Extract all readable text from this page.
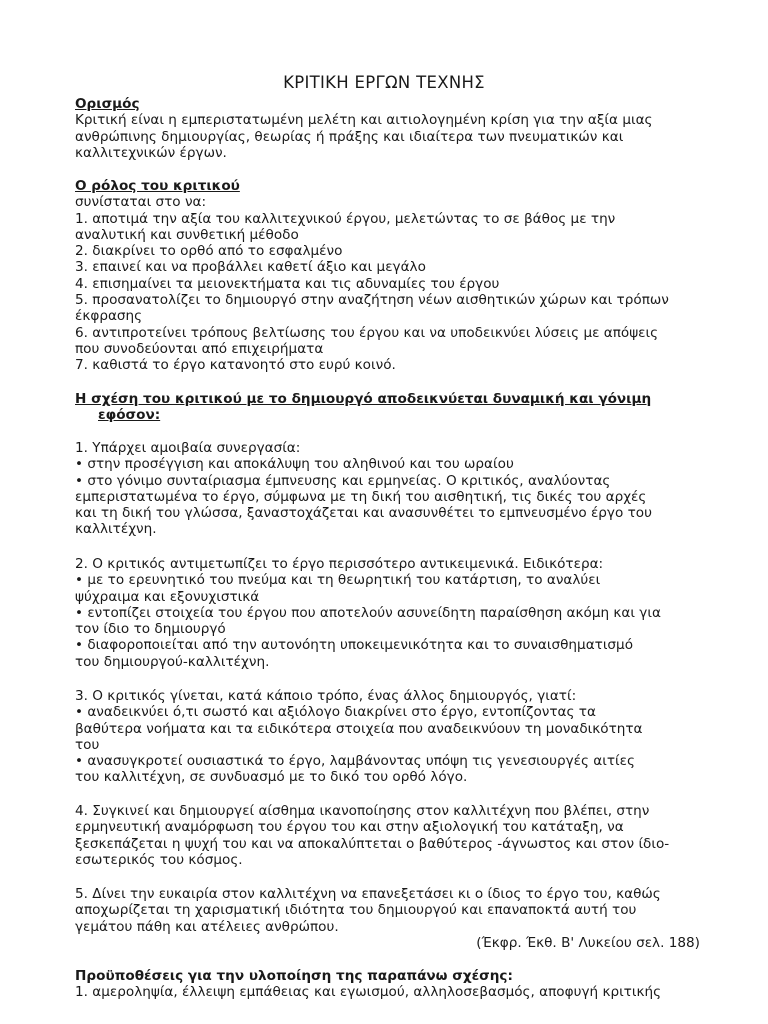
ΚΡΙΤΙΚΗ ΕΡΓΩΝ ΤΕΧΝΗΣ
Ορισμός
Κριτική είναι η εμπεριστατωμένη μελέτη και αιτιολογημένη κρίση για την αξία μιας
ανθρώπινης δημιουργίας, θεωρίας ή πράξης και ιδιαίτερα των πνευματικών και
καλλιτεχνικών έργων.
Ο ρόλος του κριτικού
συνίσταται στο να:
1. αποτιμά την αξία του καλλιτεχνικού έργου, μελετώντας το σε βάθος με την
αναλυτική και συνθετική μέθοδο
2. διακρίνει το ορθό από το εσφαλμένο
3. επαινεί και να προβάλλει καθετί άξιο και μεγάλο
4. επισημαίνει τα μειονεκτήματα και τις αδυναμίες του έργου
5. προσανατολίζει το δημιουργό στην αναζήτηση νέων αισθητικών χώρων και τρόπων
έκφρασης
6. αντιπροτείνει τρόπους βελτίωσης του έργου και να υποδεικνύει λύσεις με απόψεις
που συνοδεύονται από επιχειρήματα
7. καθιστά το έργο κατανοητό στο ευρύ κοινό.
Η σχέση του κριτικού με το δημιουργό αποδεικνύεται δυναμική και γόνιμη
εφόσον:
1. Υπάρχει αμοιβαία συνεργασία:
• στην προσέγγιση και αποκάλυψη του αληθινού και του ωραίου
• στο γόνιμο συνταίριασμα έμπνευσης και ερμηνείας. Ο κριτικός, αναλύοντας
εμπεριστατωμένα το έργο, σύμφωνα με τη δική του αισθητική, τις δικές του αρχές
και τη δική του γλώσσα, ξαναστοχάζεται και ανασυνθέτει το εμπνευσμένο έργο του
καλλιτέχνη.
2. Ο κριτικός αντιμετωπίζει το έργο περισσότερο αντικειμενικά. Ειδικότερα:
• με το ερευνητικό του πνεύμα και τη θεωρητική του κατάρτιση, το αναλύει
ψύχραιμα και εξονυχιστικά
• εντοπίζει στοιχεία του έργου που αποτελούν ασυνείδητη παραίσθηση ακόμη και για
τον ίδιο το δημιουργό
• διαφοροποιείται από την αυτονόητη υποκειμενικότητα και το συναισθηματισμό
του δημιουργού-καλλιτέχνη.
3. Ο κριτικός γίνεται, κατά κάποιο τρόπο, ένας άλλος δημιουργός, γιατί:
• αναδεικνύει ό,τι σωστό και αξιόλογο διακρίνει στο έργο, εντοπίζοντας τα
βαθύτερα νοήματα και τα ειδικότερα στοιχεία που αναδεικνύουν τη μοναδικότητα
του
• ανασυγκροτεί ουσιαστικά το έργο, λαμβάνοντας υπόψη τις γενεσιουργές αιτίες
του καλλιτέχνη, σε συνδυασμό με το δικό του ορθό λόγο.
4. Συγκινεί και δημιουργεί αίσθημα ικανοποίησης στον καλλιτέχνη που βλέπει, στην
ερμηνευτική αναμόρφωση του έργου του και στην αξιολογική του κατάταξη, να
ξεσκεπάζεται η ψυχή του και να αποκαλύπτεται ο βαθύτερος -άγνωστος και στον ίδιο-
εσωτερικός του κόσμος.
5. Δίνει την ευκαιρία στον καλλιτέχνη να επανεξετάσει κι ο ίδιος το έργο του, καθώς
αποχωρίζεται τη χαρισματική ιδιότητα του δημιουργού και επαναποκτά αυτή του
γεμάτου πάθη και ατέλειες ανθρώπου.
(Έκφρ. Έκθ. Β' Λυκείου σελ. 188)
Προϋποθέσεις για την υλοποίηση της παραπάνω σχέσης:
1. αμεροληψία, έλλειψη εμπάθειας και εγωισμού, αλληλοσεβασμός, αποφυγή κριτικής
